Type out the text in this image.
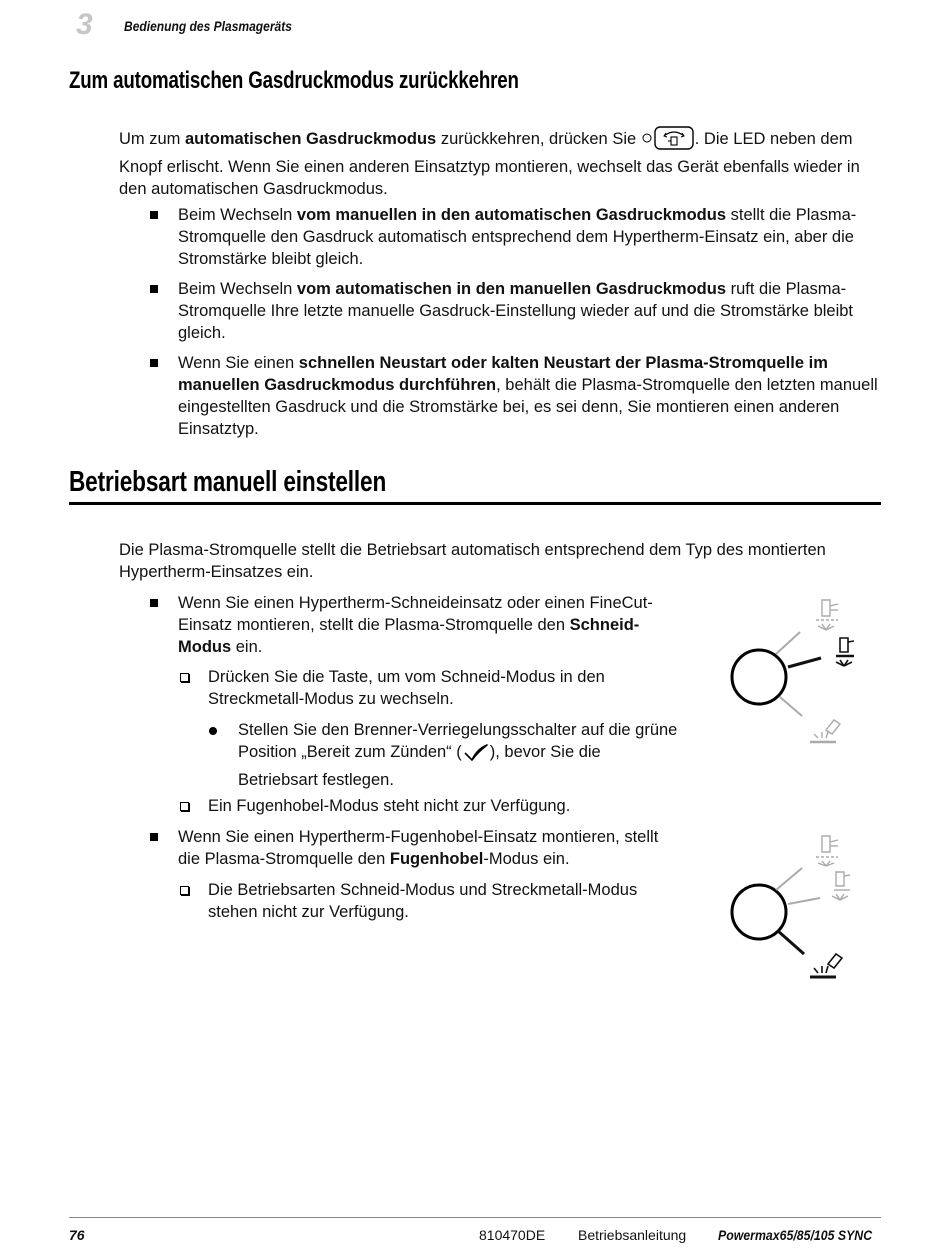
3 Bedienung des Plasmageräts
Zum automatischen Gasdruckmodus zurückkehren
Um zum automatischen Gasdruckmodus zurückkehren, drücken Sie	. Die LED neben dem Knopf erlischt. Wenn Sie einen anderen Einsatztyp montieren, wechselt das Gerät ebenfalls wieder in den automatischen Gasdruckmodus.
Beim Wechseln vom manuellen in den automatischen Gasdruckmodus stellt die Plasma-Stromquelle den Gasdruck automatisch entsprechend dem Hypertherm-Einsatz ein, aber die Stromstärke bleibt gleich.
Beim Wechseln vom automatischen in den manuellen Gasdruckmodus ruft die Plasma-Stromquelle Ihre letzte manuelle Gasdruck-Einstellung wieder auf und die Stromstärke bleibt gleich.
Wenn Sie einen schnellen Neustart oder kalten Neustart der Plasma-Stromquelle im manuellen Gasdruckmodus durchführen, behält die Plasma-Stromquelle den letzten manuell eingestellten Gasdruck und die Stromstärke bei, es sei denn, Sie montieren einen anderen Einsatztyp.
Betriebsart manuell einstellen
Die Plasma-Stromquelle stellt die Betriebsart automatisch entsprechend dem Typ des montierten Hypertherm-Einsatzes ein.
Wenn Sie einen Hypertherm-Schneideinsatz oder einen FineCut-Einsatz montieren, stellt die Plasma-Stromquelle den Schneid-Modus ein.
Drücken Sie die Taste, um vom Schneid-Modus in den Streckmetall-Modus zu wechseln.
Stellen Sie den Brenner-Verriegelungsschalter auf die grüne Position „Bereit zum Zünden“ ( ), bevor Sie die Betriebsart festlegen.
Ein Fugenhobel-Modus steht nicht zur Verfügung.
Wenn Sie einen Hypertherm-Fugenhobel-Einsatz montieren, stellt die Plasma-Stromquelle den Fugenhobel-Modus ein.
Die Betriebsarten Schneid-Modus und Streckmetall-Modus stehen nicht zur Verfügung.
76	810470DE Betriebsanleitung Powermax65/85/105 SYNC
